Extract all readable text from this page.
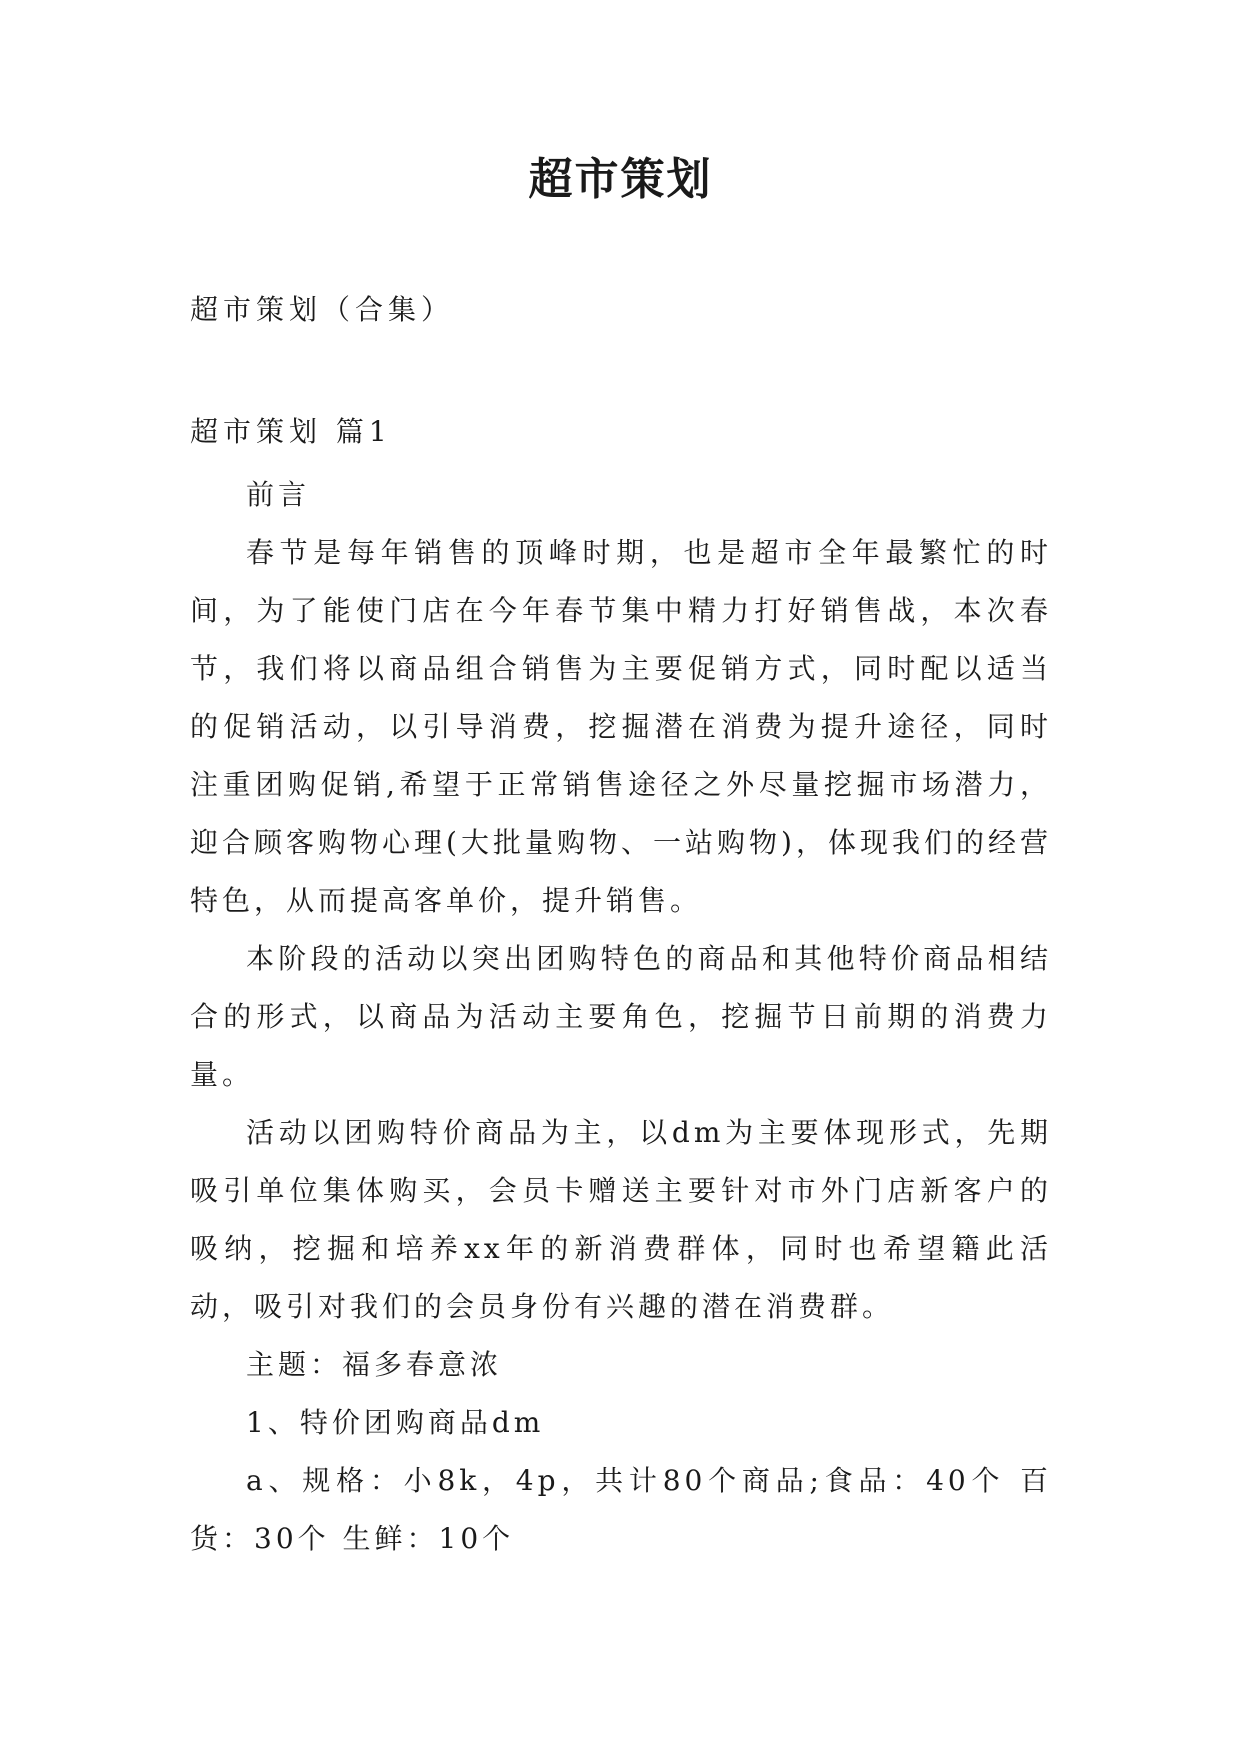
超市策划
超市策划（合集）
超市策划 篇1

前言

春节是每年销售的顶峰时期，也是超市全年最繁忙的时间，为了能使门店在今年春节集中精力打好销售战，本次春节，我们将以商品组合销售为主要促销方式，同时配以适当的促销活动，以引导消费，挖掘潜在消费为提升途径，同时注重团购促销,希望于正常销售途径之外尽量挖掘市场潜力，迎合顾客购物心理(大批量购物、一站购物)，体现我们的经营特色，从而提高客单价，提升销售。

本阶段的活动以突出团购特色的商品和其他特价商品相结合的形式，以商品为活动主要角色，挖掘节日前期的消费力量。

活动以团购特价商品为主，以dm为主要体现形式，先期吸引单位集体购买，会员卡赠送主要针对市外门店新客户的吸纳，挖掘和培养xx年的新消费群体，同时也希望籍此活动，吸引对我们的会员身份有兴趣的潜在消费群。

主题：福多春意浓

1、特价团购商品dm

a、规格：小8k，4p，共计80个商品;食品：40个 百货：30个 生鲜：10个
